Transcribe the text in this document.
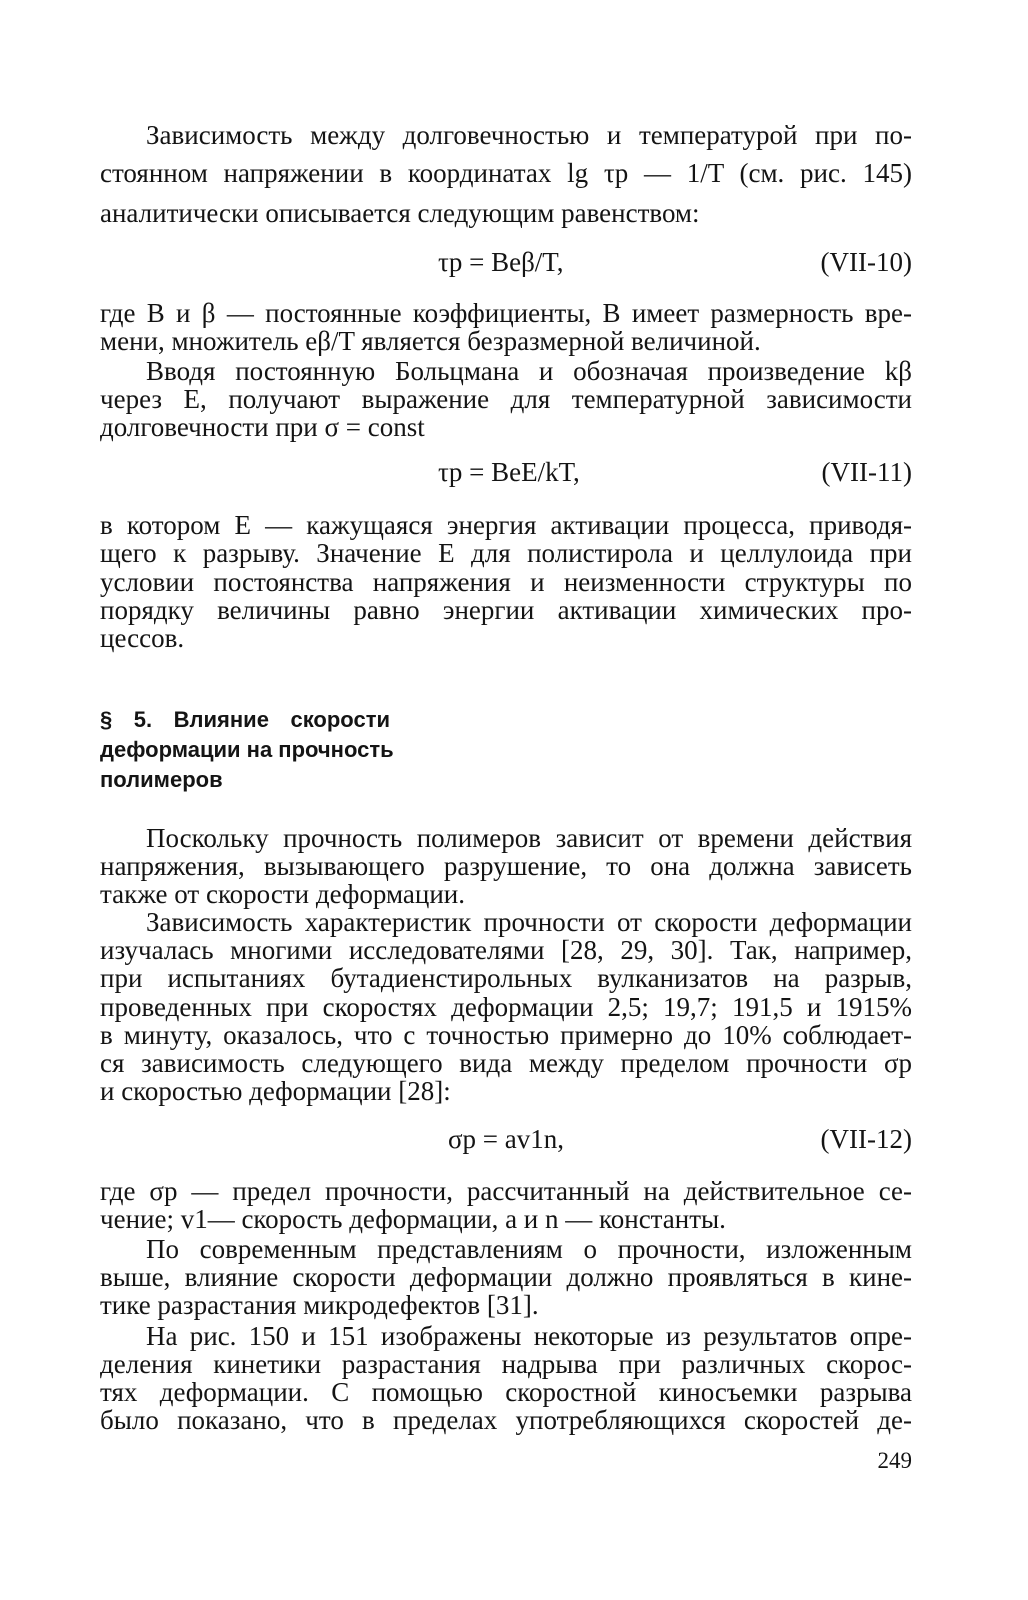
Зависимость между долговечностью и температурой при по-
стоянном напряжении в координатах lg τр — 1/T (см. рис. 145)
аналитически описывается следующим равенством:
τр = Beβ/T,	(VII-10)
где B и β — постоянные коэффициенты, B имеет размерность вре-
мени, множитель eβ/T является безразмерной величиной.
Вводя постоянную Больцмана и обозначая произведение kβ
через E, получают выражение для температурной зависимости
долговечности при σ = const
τр = BeE/kT,	(VII-11)
в котором E — кажущаяся энергия активации процесса, приводя-
щего к разрыву. Значение E для полистирола и целлулоида при
условии постоянства напряжения и неизменности структуры по
порядку величины равно энергии активации химических про-
цессов.
§ 5. Влияние скорости
деформации на прочность
полимеров
Поскольку прочность полимеров зависит от времени действия
напряжения, вызывающего разрушение, то она должна зависеть
также от скорости деформации.
Зависимость характеристик прочности от скорости деформации
изучалась многими исследователями [28, 29, 30]. Так, например,
при испытаниях бутадиенстирольных вулканизатов на разрыв,
проведенных при скоростях деформации 2,5; 19,7; 191,5 и 1915%
в минуту, оказалось, что с точностью примерно до 10% соблюдает-
ся зависимость следующего вида между пределом прочности σр
и скоростью деформации [28]:
σр = av1n,	(VII-12)
где σр — предел прочности, рассчитанный на действительное се-
чение; v1— скорость деформации, a и n — константы.
По современным представлениям о прочности, изложенным
выше, влияние скорости деформации должно проявляться в кине-
тике разрастания микродефектов [31].
На рис. 150 и 151 изображены некоторые из результатов опре-
деления кинетики разрастания надрыва при различных скорос-
тях деформации. С помощью скоростной киносъемки разрыва
было показано, что в пределах употребляющихся скоростей де-
249
